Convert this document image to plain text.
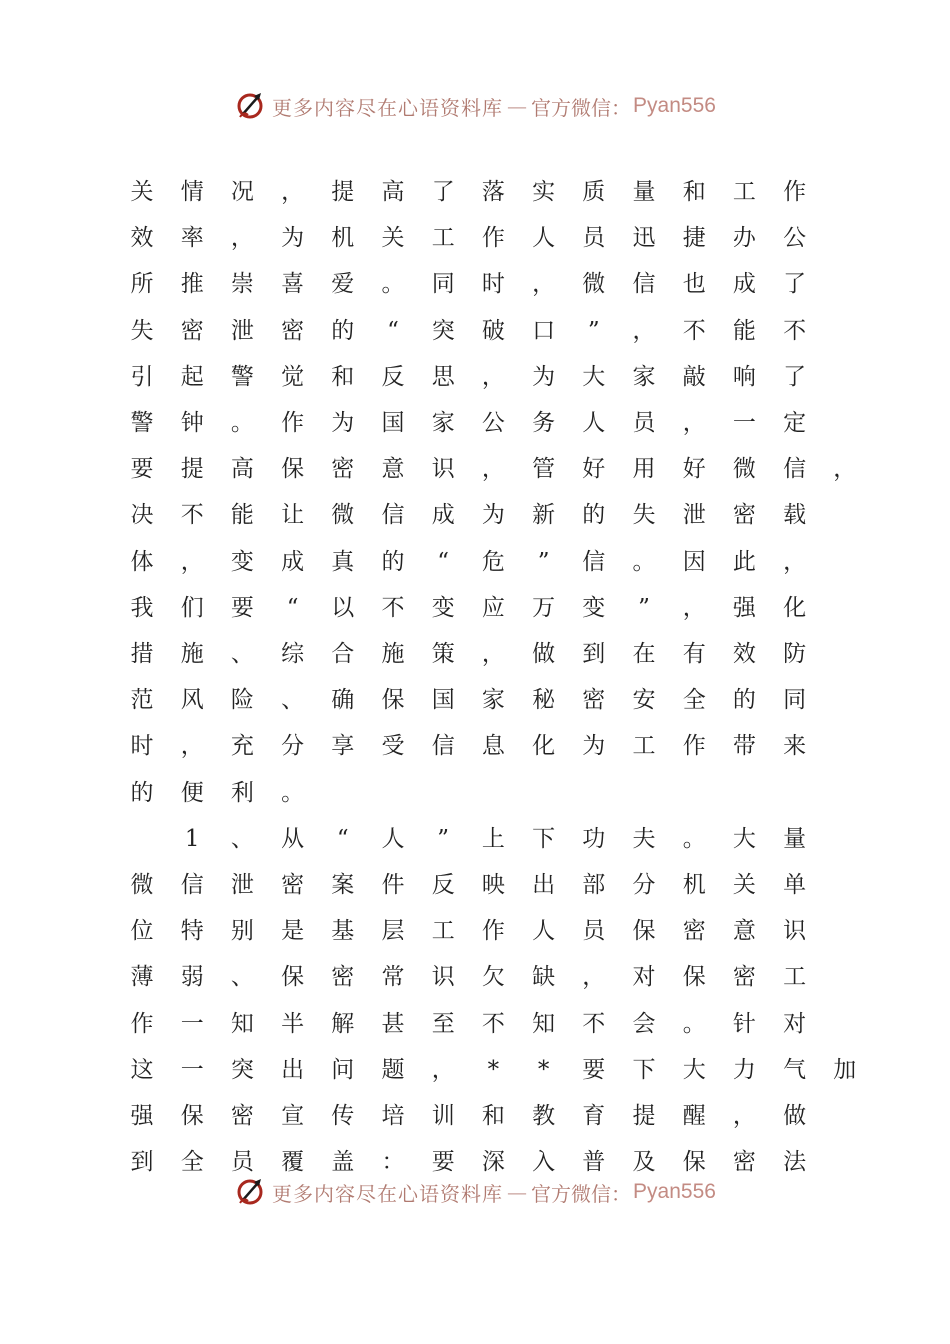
更多内容尽在心语资料库 — 官方微信： Pyan556
关 情 况 ， 提 高 了 落 实 质 量 和 工 作
效 率 ， 为 机 关 工 作 人 员 迅 捷 办 公
所 推 崇 喜 爱 。 同 时 ， 微 信 也 成 了
失 密 泄 密 的 “ 突 破 口 ” ， 不 能 不
引 起 警 觉 和 反 思 ， 为 大 家 敲 响 了
警 钟 。 作 为 国 家 公 务 人 员 ， 一 定
要 提 高 保 密 意 识 ， 管 好 用 好 微 信 ，
决 不 能 让 微 信 成 为 新 的 失 泄 密 载
体 ， 变 成 真 的 “ 危 ” 信 。 因 此 ，
我 们 要 “ 以 不 变 应 万 变 ” ， 强 化
措 施 、 综 合 施 策 ， 做 到 在 有 效 防
范 风 险 、 确 保 国 家 秘 密 安 全 的 同
时 ， 充 分 享 受 信 息 化 为 工 作 带 来
的 便 利 。
1 、 从 “ 人 ” 上 下 功 夫 。 大 量
微 信 泄 密 案 件 反 映 出 部 分 机 关 单
位 特 别 是 基 层 工 作 人 员 保 密 意 识
薄 弱 、 保 密 常 识 欠 缺 ， 对 保 密 工
作 一 知 半 解 甚 至 不 知 不 会 。 针 对
这 一 突 出 问 题 ， * * 要 下 大 力 气 加
强 保 密 宣 传 培 训 和 教 育 提 醒 ， 做
到 全 员 覆 盖 ： 要 深 入 普 及 保 密 法
更多内容尽在心语资料库 — 官方微信： Pyan556
